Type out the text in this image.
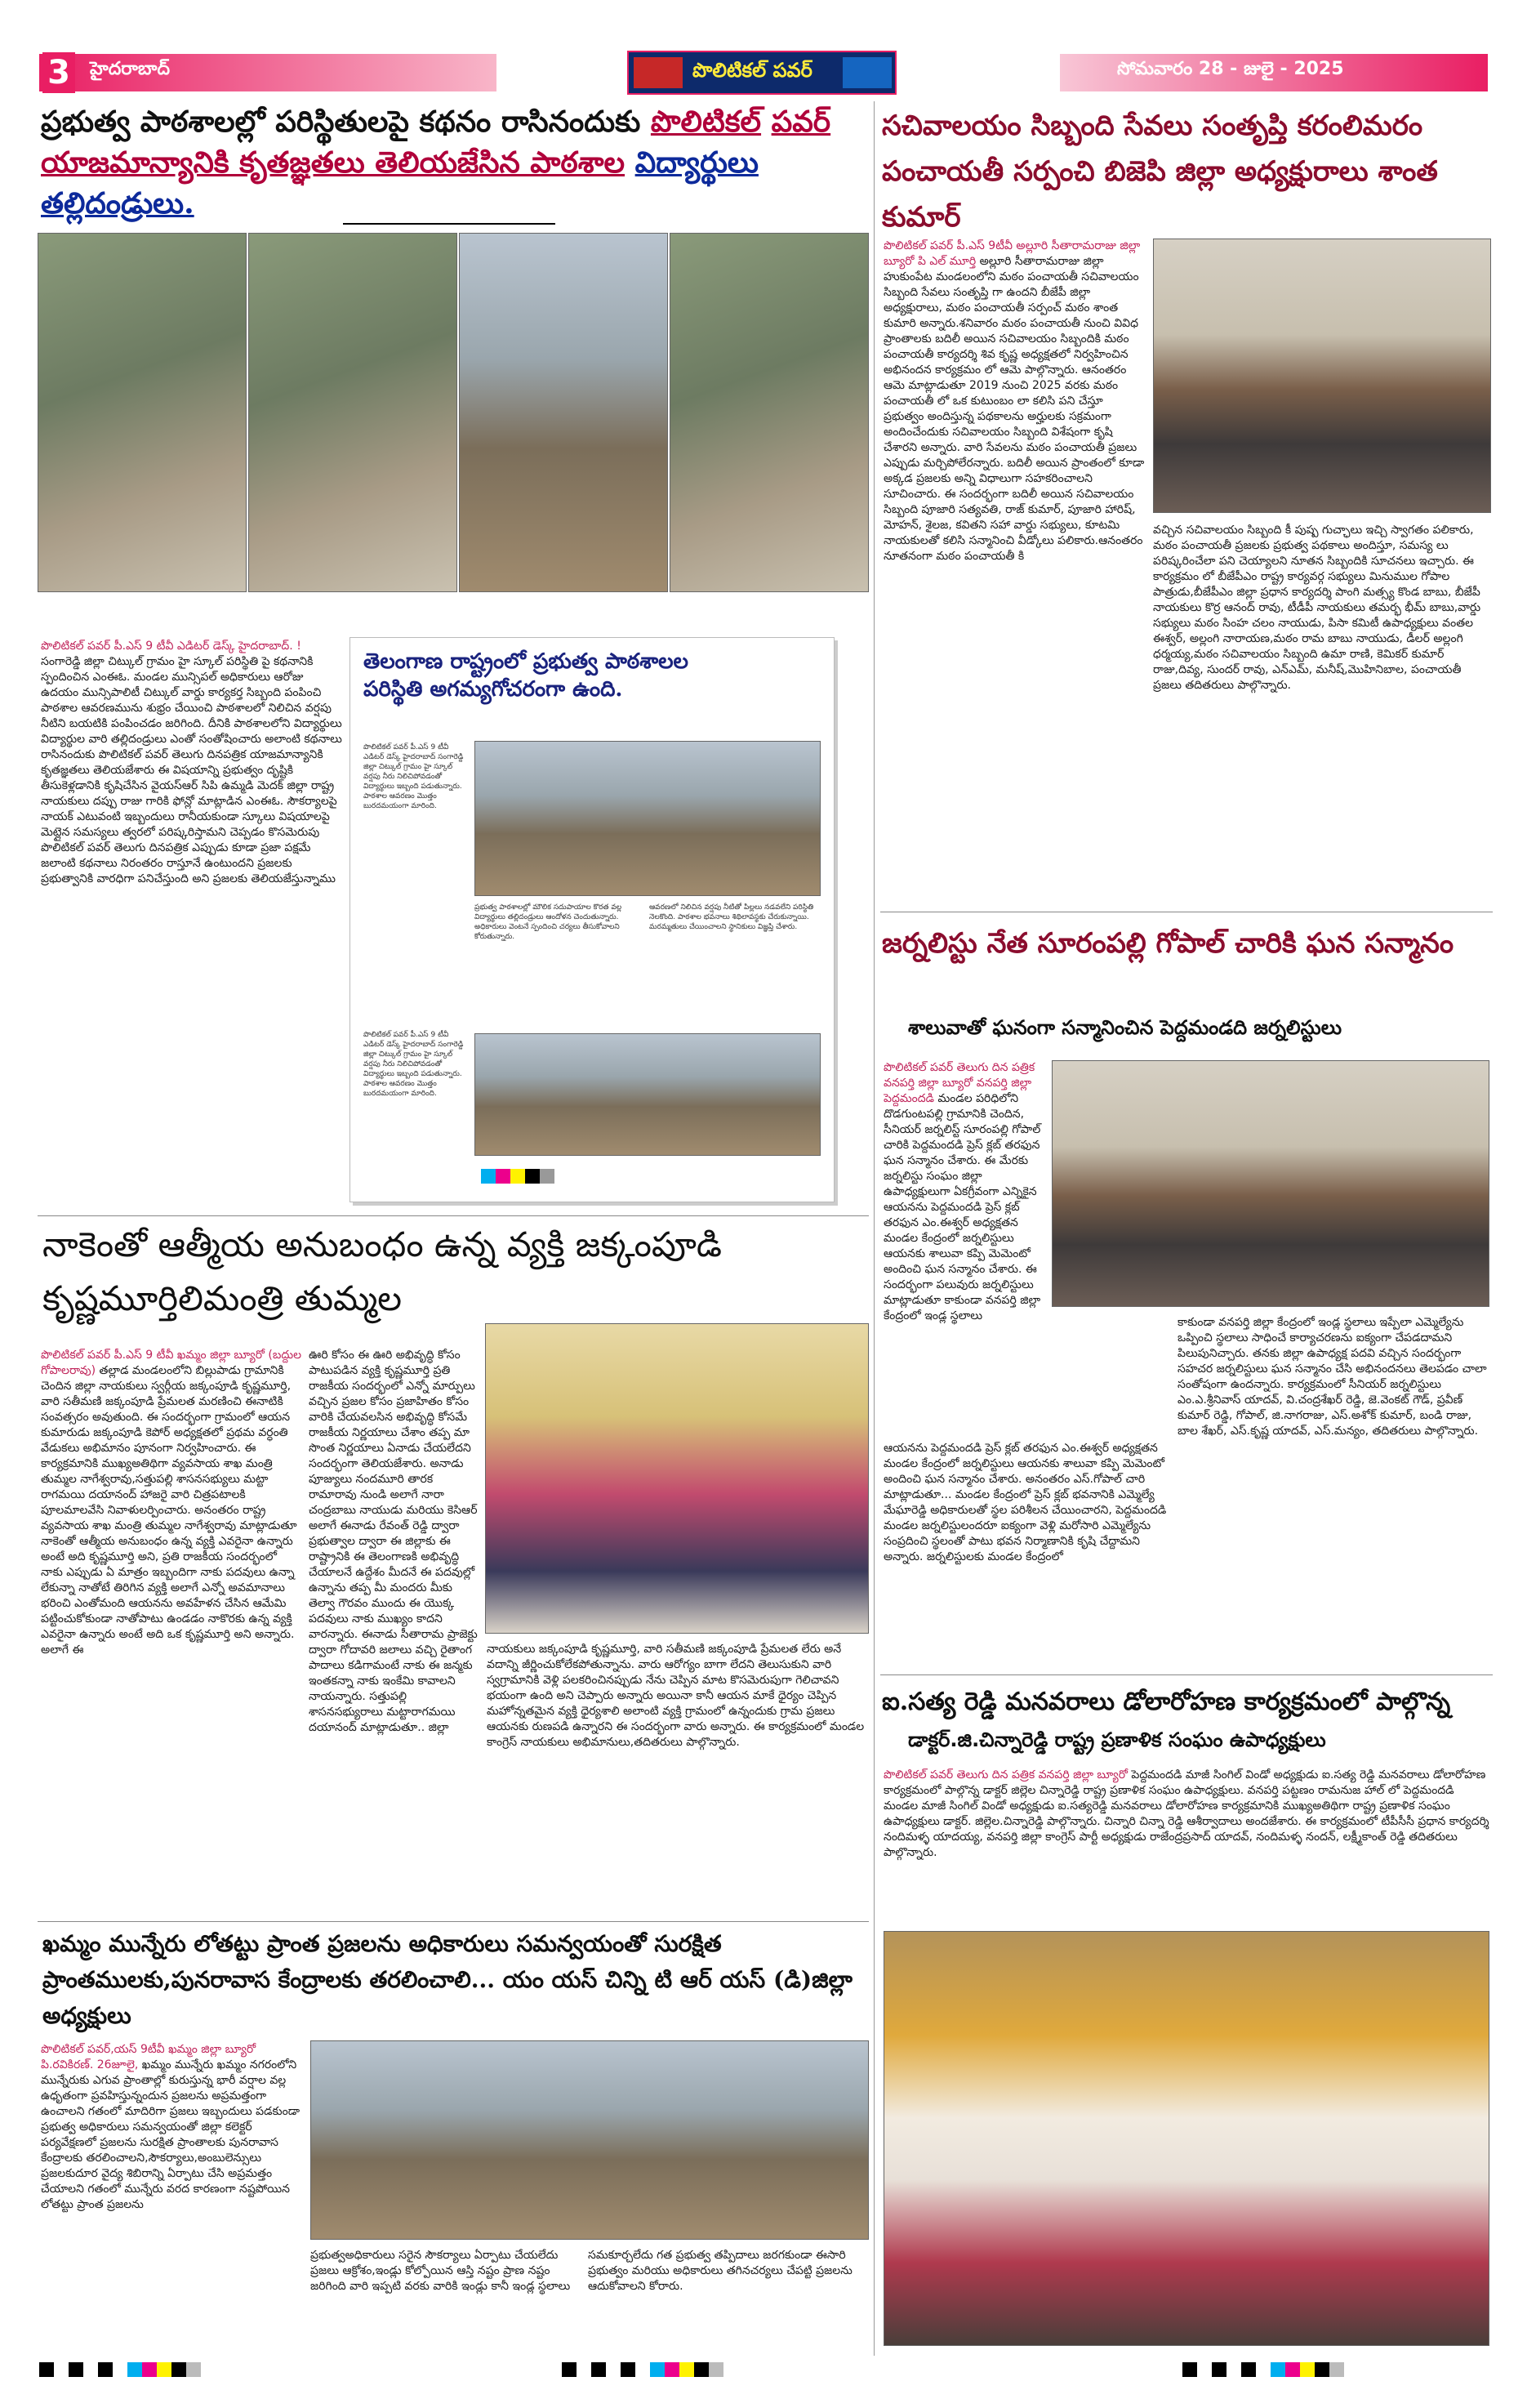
3 హైదరాబాద్	పొలిటికల్ పవర్	సోమవారం 28 - జులై - 2025
ప్రభుత్వ పాఠశాలల్లో పరిస్థితులపై కథనం రాసినందుకు పొలిటికల్ పవర్ యాజమాన్యానికి కృతజ్ఞతలు తెలియజేసిన పాఠశాల విద్యార్థులు తల్లిదండ్రులు.
పొలిటికల్ పవర్ పీ.ఎస్ 9 టీవీ ఎడిటర్ డెస్క్ హైదరాబాద్. ! సంగారెడ్డి జిల్లా చిట్కుల్ గ్రామం హై స్కూల్ పరిస్థితి పై కథనానికి స్పందించిన ఎంఈఓ. మండల మున్సిపల్ అధికారులు ఆరోజు ఉదయం మున్సిపాలిటీ చిట్కుల్ వార్డు కార్యకర్త సిబ్బంది పంపించి పాఠశాల ఆవరణమును శుభ్రం చేయించి పాఠశాలలో నిలిచిన వర్షపు నీటిని బయటికి పంపించడం జరిగింది. దీనికి పాఠశాలలోని విద్యార్థులు విద్యార్థుల వారి తల్లిదండ్రులు ఎంతో సంతోషించారు అలాంటి కథనాలు రాసినందుకు పొలిటికల్ పవర్ తెలుగు దినపత్రిక యాజమాన్యానికి కృతజ్ఞతలు తెలియజేశారు ఈ విషయాన్ని ప్రభుత్వం దృష్టికి తీసుకెళ్లడానికి కృషిచేసిన వైయస్ఆర్ సిపి ఉమ్మడి మెదక్ జిల్లా రాష్ట్ర నాయకులు దప్పు రాజు గారికి ఫోన్లో మాట్లాడిన ఎంఈఓ. సౌకర్యాలపై నాయక్ ఎటువంటి ఇబ్బందులు రానీయకుండా స్కూలు విషయాలపై మెట్లైన సమస్యలు త్వరలో పరిష్కరిస్తామని చెప్పడం కొసమెరుపు పొలిటికల్ పవర్ తెలుగు దినపత్రిక ఎప్పుడు కూడా ప్రజా పక్షమే జలాంటి కథనాలు నిరంతరం రాస్తూనే ఉంటుందని ప్రజలకు ప్రభుత్వానికి వారధిగా పనిచేస్తుంది అని ప్రజలకు తెలియజేస్తున్నాము
తెలంగాణ రాష్ట్రంలో ప్రభుత్వ పాఠశాలల పరిస్థితి అగమ్యగోచరంగా ఉంది.
పొలిటికల్ పవర్ పీ.ఎస్ 9 టీవీ ఎడిటర్ డెస్క్ హైదరాబాద్ సంగారెడ్డి జిల్లా చిట్కుల్ గ్రామం హై స్కూల్ వర్షపు నీరు నిలిచిపోవడంతో విద్యార్థులు ఇబ్బంది పడుతున్నారు. పాఠశాల ఆవరణం మొత్తం బురదమయంగా మారింది.
ప్రభుత్వ పాఠశాలల్లో మౌలిక సదుపాయాల కొరత వల్ల విద్యార్థులు తల్లిదండ్రులు ఆందోళన చెందుతున్నారు. అధికారులు వెంటనే స్పందించి చర్యలు తీసుకోవాలని కోరుతున్నారు.
ఆవరణలో నిలిచిన వర్షపు నీటితో పిల్లలు నడవలేని పరిస్థితి నెలకొంది. పాఠశాల భవనాలు శిథిలావస్థకు చేరుకున్నాయి. మరమ్మతులు చేయించాలని స్థానికులు విజ్ఞప్తి చేశారు.
పొలిటికల్ పవర్ పీ.ఎస్ 9 టీవీ ఎడిటర్ డెస్క్ హైదరాబాద్ సంగారెడ్డి జిల్లా చిట్కుల్ గ్రామం హై స్కూల్ వర్షపు నీరు నిలిచిపోవడంతో విద్యార్థులు ఇబ్బంది పడుతున్నారు. పాఠశాల ఆవరణం మొత్తం బురదమయంగా మారింది.
సచివాలయం సిబ్బంది సేవలు సంతృప్తి కరంలిమరం పంచాయతీ సర్పంచి బిజెపి జిల్లా అధ్యక్షురాలు శాంత కుమార్
పొలిటికల్ పవర్ పీ.ఎస్ 9టీవీ అల్లూరి సీతారామరాజు జిల్లా బ్యూరో పి ఎల్ మూర్తి అల్లూరి సీతారామరాజు జిల్లా హుకుంపేట మండలంలోని మఠం పంచాయతీ సచివాలయం సిబ్బంది సేవలు సంతృప్తి గా ఉందని బీజేపీ జిల్లా అధ్యక్షురాలు, మఠం పంచాయతీ సర్పంచ్ మఠం శాంత కుమారి అన్నారు.శనివారం మఠం పంచాయతీ నుంచి వివిధ ప్రాంతాలకు బదిలీ అయిన సచివాలయం సిబ్బందికి మఠం పంచాయతీ కార్యదర్శి శివ కృష్ణ అధ్యక్షతలో నిర్వహించిన అభినందన కార్యక్రమం లో ఆమె పాల్గొన్నారు. ఆనంతరం ఆమె మాట్లాడుతూ 2019 నుంచి 2025 వరకు మఠం పంచాయతీ లో ఒక కుటుంబం లా కలిసి పని చేస్తూ ప్రభుత్వం అందిస్తున్న పథకాలను అర్హులకు సక్రమంగా అందించేందుకు సచివాలయం సిబ్బంది విశేషంగా కృషి చేశారని అన్నారు. వారి సేవలను మఠం పంచాయతీ ప్రజలు ఎప్పుడు మర్చిపోలేరన్నారు. బదిలీ అయిన ప్రాంతంలో కూడా అక్కడ ప్రజలకు అన్ని విధాలుగా సహకరించాలని సూచించారు. ఈ సందర్భంగా బదిలీ అయిన సచివాలయం సిబ్బంది పూజారి సత్యవతి, రాజ్ కుమార్, పూజారి హారిష్, మోహన్, శైలజ, కవితని సహా వార్డు సభ్యులు, కూటమి నాయకులతో కలిసి సన్మానించి వీడ్కోలు పలికారు.ఆనంతరం నూతనంగా మఠం పంచాయతీ కి
వచ్చిన సచివాలయం సిబ్బంది కీ పుష్ప గుచ్ఛాలు ఇచ్చి స్వాగతం పలికారు, మఠం పంచాయతీ ప్రజలకు ప్రభుత్వ పథకాలు అందిస్తూ, సమస్య లు పరిష్కరించేలా పని చెయ్యాలని నూతన సిబ్బందికి సూచనలు ఇచ్చారు. ఈ కార్యక్రమం లో బీజేపీఎం రాష్ట్ర కార్యవర్గ సభ్యులు మినుముల గోపాల పాత్రుడు,బీజేపీఎం జిల్లా ప్రధాన కార్యదర్శి పాంగి మత్స్య కొండ బాబు, బీజేపీ నాయకులు కొర్ర ఆనంద్ రావు, టీడీపీ నాయకులు తమర్భ భీమ్ బాబు,వార్డు సభ్యులు మఠం సింహ చలం నాయుడు, పిసా కమిటీ ఉపాధ్యక్షులు వంతల ఈశ్వర్, అల్లంగి నారాయణ,మఠం రామ బాబు నాయుడు, డీలర్ అల్లంగి ధర్మయ్య,మఠం సచివాలయం సిబ్బంది ఉమా రాణి, కెమికర్ కుమార్ రాజు,దివ్య, సుందర్ రావు, ఎన్ఎమ్, మనీష్,మొహినిబాల, పంచాయతీ ప్రజలు తదితరులు పాల్గొన్నారు.
జర్నలిస్టు నేత సూరంపల్లి గోపాల్ చారికి ఘన సన్మానం
శాలువాతో ఘనంగా సన్మానించిన పెద్దమండది జర్నలిస్టులు
పొలిటికల్ పవర్ తెలుగు దిన పత్రిక వనపర్తి జిల్లా బ్యూరో వనపర్తి జిల్లా పెద్దమందడి మండల పరిధిలోని దొడగుంటపల్లి గ్రామానికి చెందిన, సీనియర్ జర్నలిస్ట్ సూరంపల్లి గోపాల్ చారికి పెద్దమందడి ప్రెస్ క్లబ్ తరఫున ఘన సన్మానం చేశారు. ఈ మేరకు జర్నలిస్టు సంఘం జిల్లా ఉపాధ్యక్షులుగా ఏకగ్రీవంగా ఎన్నికైన ఆయనను పెద్దమందడి ప్రెస్ క్లబ్ తరఫున ఎం.ఈశ్వర్ అధ్యక్షతన మండల కేంద్రంలో జర్నలిస్టులు ఆయనకు శాలువా కప్పి మెమెంటో అందించి ఘన సన్మానం చేశారు. ఈ సందర్భంగా పలువురు జర్నలిస్టులు మాట్లాడుతూ కాకుండా వనపర్తి జిల్లా కేంద్రంలో ఇండ్ల స్థలాలు
ఆయనను పెద్దమందడి ప్రెస్ క్లబ్ తరఫున ఎం.ఈశ్వర్ అధ్యక్షతన మండల కేంద్రంలో జర్నలిస్టులు ఆయనకు శాలువా కప్పి మెమెంటో అందించి ఘన సన్మానం చేశారు. అనంతరం ఎస్.గోపాల్ చారి మాట్లాడుతూ... మండల కేంద్రంలో ప్రెస్ క్లబ్ భవనానికి ఎమ్మెల్యే మేఘారెడ్డి అధికారులతో స్థల పరిశీలన చేయించారని, పెద్దమందడి మండల జర్నలిస్టులందరూ ఐక్యంగా వెళ్లి మరోసారి ఎమ్మెల్యేను సంప్రదించి స్థలంతో పాటు భవన నిర్మాణానికి కృషి చేద్దామని అన్నారు. జర్నలిస్టులకు మండల కేంద్రంలో
కాకుండా వనపర్తి జిల్లా కేంద్రంలో ఇండ్ల స్థలాలు ఇప్పేలా ఎమ్మెల్యేను ఒప్పించి స్థలాలు సాధించే కార్యాచరణను ఐక్యంగా చేపడదామని పిలుపునిచ్చారు. తనకు జిల్లా ఉపాధ్యక్ష పదవి వచ్చిన సందర్భంగా సహచర జర్నలిస్టులు ఘన సన్మానం చేసి అభినందనలు తెలపడం చాలా సంతోషంగా ఉందన్నారు. కార్యక్రమంలో సీనియర్ జర్నలిస్టులు ఎం.ఎ.శ్రీనివాస్ యాదవ్, వి.చంద్రశేఖర్ రెడ్డి, జె.వెంకట్ గౌడ్, ప్రవీణ్ కుమార్ రెడ్డి, గోపాల్, జి.నాగరాజు, ఎస్.అశోక్ కుమార్, బండి రాజు, బాల శేఖర్, ఎస్.కృష్ణ యాదవ్, ఎస్.మన్యం, తదితరులు పాల్గొన్నారు.
నాకెంతో ఆత్మీయ అనుబంధం ఉన్న వ్యక్తి జక్కంపూడి
కృష్ణమూర్తిలిమంత్రి తుమ్మల
పొలిటికల్ పవర్ పీ.ఎస్ 9 టీవీ ఖమ్మం జిల్లా బ్యూరో (బద్దుల గోపాలరావు) తల్లాడ మండలంలోని బిల్లుపాడు గ్రామానికి చెందిన జిల్లా నాయకులు స్వర్గీయ జక్కంపూడి కృష్ణమూర్తి, వారి సతీమణి జక్కంపూడి ప్రేమలత మరణించి ఈనాటికి సంవత్సరం అవుతుంది. ఈ సందర్భంగా గ్రామంలో ఆయన కుమారుడు జక్కంపూడి కెపోర్ అధ్యక్షతలో ప్రథమ వర్ధంతి వేడుకలు అభిమానం పూనంగా నిర్వహించారు. ఈ కార్యక్రమానికి ముఖ్యఅతిథిగా వ్యవసాయ శాఖ మంత్రి తుమ్మల నాగేశ్వరావు,సత్తుపల్లి శాసనసభ్యులు మట్టా రాగమయి దయానంద్ హాజరై వారి చిత్రపటాలకి పూలమాలవేసి నివాళులర్పించారు. అనంతరం రాష్ట్ర వ్యవసాయ శాఖ మంత్రి తుమ్మల నాగేశ్వరావు మాట్లాడుతూ నాకెంతో ఆత్మీయ అనుబంధం ఉన్న వ్యక్తి ఎవరైనా ఉన్నారు అంటే అది కృష్ణమూర్తి అని, ప్రతి రాజకీయ సందర్భంలో నాకు ఎప్పుడు ఏ మాత్రం ఇబ్బందిగా నాకు పదవులు ఉన్నా లేకున్నా నాతోటే తిరిగిన వ్యక్తి అలాగే ఎన్నో అవమానాలు భరించి ఎంతోమంది ఆయనను అవహేళన చేసిన ఆమేమి పట్టించుకోకుండా నాతోపాటు ఉండడం నాకొరకు ఉన్న వ్యక్తి ఎవరైనా ఉన్నారు అంటే అది ఒక కృష్ణమూర్తి అని అన్నారు. అలాగే ఈ
ఊరి కోసం ఈ ఊరి అభివృద్ధి కోసం పాటుపడిన వ్యక్తి కృష్ణమూర్తి ప్రతి రాజకీయ సందర్భంలో ఎన్నో మార్పులు వచ్చిన ప్రజల కోసం ప్రజాహితం కోసం వారికి చేయవలసిన అభివృద్ధి కోసమే రాజకీయ నిర్ణయాలు చేశాం తప్ప మా సొంత నిర్ణయాలు ఏనాడు చేయలేదని సందర్భంగా తెలియజేశారు. అనాడు పూజ్యులు నందమూరి తారక రామారావు నుండి అలాగే నారా చంద్రబాబు నాయుడు మరియు కెసిఆర్ అలాగే ఈనాడు రేవంత్ రెడ్డి ద్వారా ప్రభుత్వాల ద్వారా ఈ జిల్లాకు ఈ రాష్ట్రానికి ఈ తెలంగాణకి అభివృద్ధి చేయాలనే ఉద్దేశం మీదనే ఈ పదవుల్లో ఉన్నాను తప్ప మీ మందరు మీకు తెల్వా గౌరవం ముందు ఈ యొక్క పదవులు నాకు ముఖ్యం కాదని వారన్నారు. ఈనాడు సీతారామ ప్రాజెక్టు ద్వారా గోదావరి జలాలు వచ్చి రైతాంగ పాదాలు కడిగామంటే నాకు ఈ జన్మకు ఇంతకన్నా నాకు ఇంకేమి కావాలని నాయన్నారు. సత్తుపల్లి శాసనసభ్యురాలు మట్టారాగమయి దయానంద్ మాట్లాడుతూ.. జిల్లా
నాయకులు జక్కంపూడి కృష్ణమూర్తి, వారి సతీమణి జక్కంపూడి ప్రేమలత లేరు అనే వదాన్ని జీర్ణించుకోలేకపోతున్నాను. వారు ఆరోగ్యం బాగా లేదని తెలుసుకుని వారి స్వగ్రామానికి వెళ్లి పలకరించినప్పుడు నేను చెప్పిన మాట కొసమెరుపుగా గెలిచావని భయంగా ఉంది అని చెప్పారు అన్నారు అయినా కానీ ఆయన మాకే ధైర్యం చెప్పిన మహోన్నతమైన వ్యక్తి ధైర్యశాలి అలాంటి వ్యక్తి గ్రామంలో ఉన్నందుకు గ్రామ ప్రజలు ఆయనకు రుణపడి ఉన్నారని ఈ సందర్భంగా వారు అన్నారు. ఈ కార్యక్రమంలో మండల కాంగ్రెస్ నాయకులు అభిమానులు,తదితరులు పాల్గొన్నారు.
ఐ.సత్య రెడ్డి మనవరాలు డోలారోహణ కార్యక్రమంలో పాల్గొన్న
డాక్టర్.జి.చిన్నారెడ్డి రాష్ట్ర ప్రణాళిక సంఘం ఉపాధ్యక్షులు
పొలిటికల్ పవర్ తెలుగు దిన పత్రిక వనపర్తి జిల్లా బ్యూరో పెద్దమందడి మాజీ సింగిల్ విండో అధ్యక్షుడు ఐ.సత్య రెడ్డి మనవరాలు డోలారోహణ కార్యక్రమంలో పాల్గొన్న డాక్టర్ జిల్లెల చిన్నారెడ్డి రాష్ట్ర ప్రణాళిక సంఘం ఉపాధ్యక్షులు. వనపర్తి పట్టణం రామనుజ హాల్ లో పెద్దమందడి మండల మాజీ సింగిల్ విండో అధ్యక్షుడు ఐ.సత్యరెడ్డి మనవరాలు డోలారోహణ కార్యక్రమానికి ముఖ్యఅతిథిగా రాష్ట్ర ప్రణాళిక సంఘం ఉపాధ్యక్షులు డాక్టర్. జిల్లెల.చిన్నారెడ్డి పాల్గొన్నారు. చిన్నారి చిన్నా రెడ్డి ఆశీర్వాదాలు అందజేశారు. ఈ కార్యక్రమంలో టీపీసీసీ ప్రధాన కార్యదర్శి నందిమళ్ళ యాదయ్య, వనపర్తి జిల్లా కాంగ్రెస్ పార్టీ అధ్యక్షుడు రాజేంద్రప్రసాద్ యాదవ్, నందిమళ్ళ నందన్, లక్ష్మీకాంత్ రెడ్డి తదితరులు పాల్గొన్నారు.
ఖమ్మం మున్నేరు లోతట్టు ప్రాంత ప్రజలను అధికారులు సమన్వయంతో సురక్షిత ప్రాంతములకు,పునరావాస కేంద్రాలకు తరలించాలి... యం యస్ చిన్ని టి ఆర్ యస్ (డి)జిల్లా అధ్యక్షులు
పొలిటికల్ పవర్,యస్ 9టీవీ ఖమ్మం జిల్లా బ్యూరో పి.రవికిరణ్. 26జూలై, ఖమ్మం మున్నేరు ఖమ్మం నగరంలోని మున్నేరుకు ఎగువ ప్రాంతాల్లో కురుస్తున్న భారీ వర్షాల వల్ల ఉధృతంగా ప్రవహిస్తున్నందున ప్రజలను అప్రమత్తంగా ఉంచాలని గతంలో మాదిరిగా ప్రజలు ఇబ్బందులు పడకుండా ప్రభుత్వ అధికారులు సమన్వయంతో జిల్లా కలెక్టర్ పర్యవేక్షణలో ప్రజలను సురక్షిత ప్రాంతాలకు పునరావాస కేంద్రాలకు తరలించాలని,సౌకర్యాలు,అంబులెన్సులు ప్రజలకుదూర వైద్య శిబిరాన్ని ఏర్పాటు చేసి అప్రమత్తం చేయాలని గతంలో మున్నేరు వరద కారణంగా నష్టపోయిన లోతట్టు ప్రాంత ప్రజలను
ప్రభుత్వఅధికారులు సరైన సౌకర్యాలు ఏర్పాటు చేయలేదు ప్రజలు ఆక్రోశం,ఇండ్లు కోల్పోయిన ఆస్తి నష్టం ప్రాణ నష్టం జరిగింది వారి ఇప్పటి వరకు వారికి ఇండ్లు కానీ ఇండ్ల స్థలాలు
సమకూర్చలేదు గత ప్రభుత్వ తప్పిదాలు జరగకుండా ఈసారి ప్రభుత్వం మరియు అధికారులు తగినచర్యలు చేపట్టి ప్రజలను ఆదుకోవాలని కోరారు.
